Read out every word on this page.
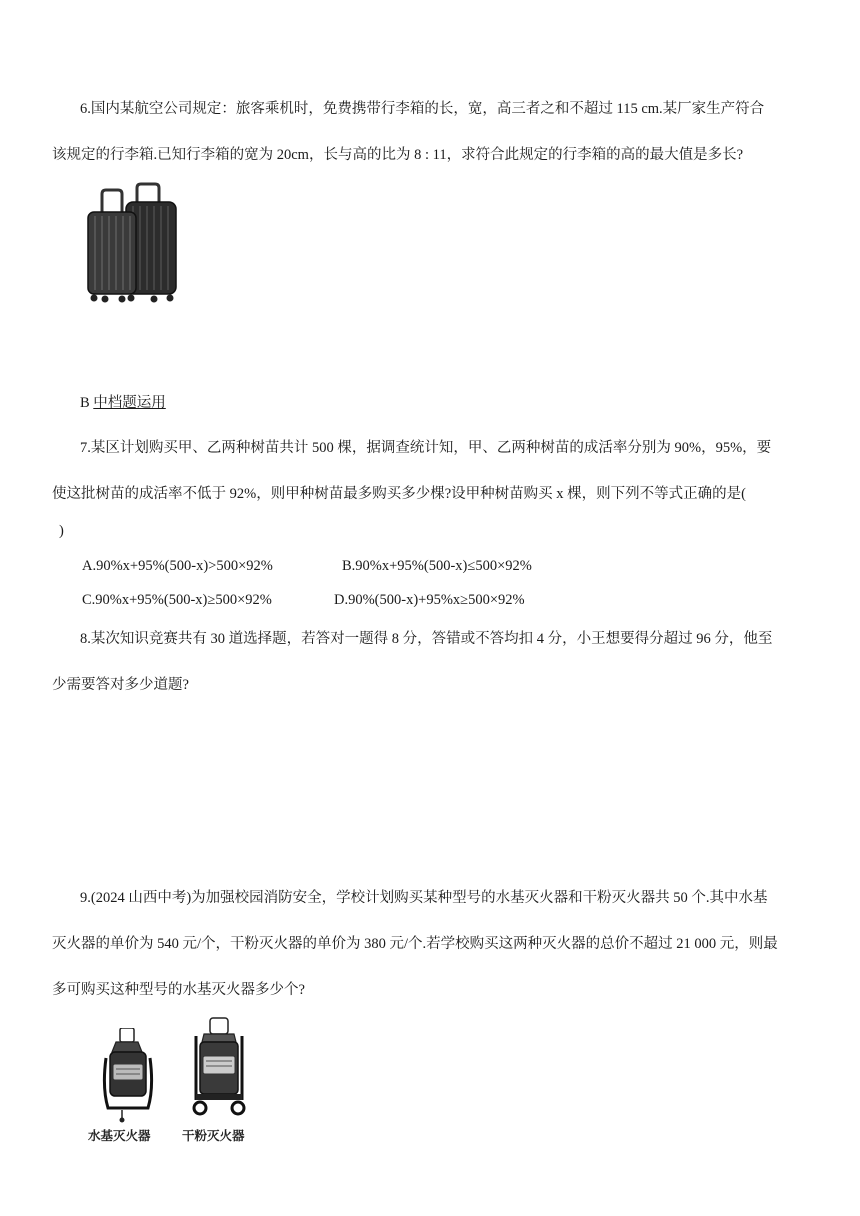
6.国内某航空公司规定：旅客乘机时，免费携带行李箱的长，宽，高三者之和不超过 115 cm.某厂家生产符合
该规定的行李箱.已知行李箱的宽为 20cm，长与高的比为 8 : 11，求符合此规定的行李箱的高的最大值是多长?
B 中档题运用
7.某区计划购买甲、乙两种树苗共计 500 棵，据调查统计知，甲、乙两种树苗的成活率分别为 90%，95%，要
使这批树苗的成活率不低于 92%，则甲种树苗最多购买多少棵?设甲种树苗购买 x 棵，则下列不等式正确的是(
)
A.90%x+95%(500-x)>500×92%	B.90%x+95%(500-x)≤500×92%
C.90%x+95%(500-x)≥500×92%	D.90%(500-x)+95%x≥500×92%
8.某次知识竞赛共有 30 道选择题，若答对一题得 8 分，答错或不答均扣 4 分，小王想要得分超过 96 分，他至
少需要答对多少道题?
9.(2024 山西中考)为加强校园消防安全，学校计划购买某种型号的水基灭火器和干粉灭火器共 50 个.其中水基
灭火器的单价为 540 元/个，干粉灭火器的单价为 380 元/个.若学校购买这两种灭火器的总价不超过 21 000 元，则最
多可购买这种型号的水基灭火器多少个?
水基灭火器	干粉灭火器
